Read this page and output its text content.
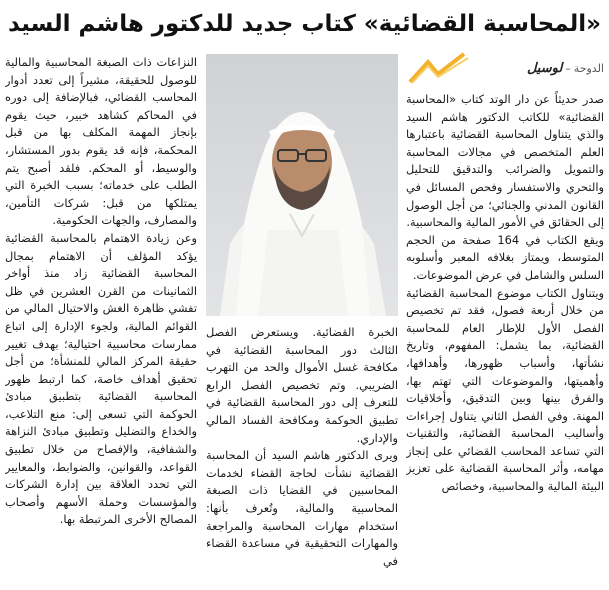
«المحاسبة القضائية» كتاب جديد للدكتور هاشم السيد
الدوحة
–
لوسيل

صدر حديثاً عن دار الوتد كتاب «المحاسبة القضائية» للكاتب الدكتور هاشم السيد والذي يتناول المحاسبة القضائية باعتبارها العلم المتخصص في مجالات المحاسبة والتمويل والضرائب والتدقيق للتحليل والتحري والاستفسار وفحص المسائل في القانون المدني والجنائي؛ من أجل الوصول إلى الحقائق في الأمور المالية والمحاسبية.

ويقع الكتاب في 164 صفحة من الحجم المتوسط، ويمتاز بغلافه المعبر وأسلوبه السلس والشامل في عرض الموضوعات.

ويتناول الكتاب موضوع المحاسبة القضائية من خلال أربعة فصول، فقد تم تخصيص الفصل الأول للإطار العام للمحاسبة القضائية، بما يشمل: المفهوم، وتاريخ نشأتها، وأسباب ظهورها، وأهدافها، وأهميتها، والموضوعات التي تهتم بها، والفرق بينها وبين التدقيق، وأخلاقيات المهنة. وفي الفصل الثاني يتناول إجراءات وأساليب المحاسبة القضائية، والتقنيات التي تساعد المحاسب القضائي على إنجاز مهامه، وأثر المحاسبة القضائية على تعزيز البيئة المالية والمحاسبية، وخصائص

الخبرة القضائية. ويستعرض الفصل الثالث دور المحاسبة القضائية في مكافحة غسل الأموال والحد من التهرب الضريبي. وتم تخصيص الفصل الرابع للتعرف إلى دور المحاسبة القضائية في تطبيق الحوكمة ومكافحة الفساد المالي والإداري.

ويرى الدكتور هاشم السيد أن المحاسبة القضائية نشأت لحاجة القضاء لخدمات المحاسبين في القضايا ذات الصبغة المحاسبية والمالية، وتُعرف بأنها: استخدام مهارات المحاسبة والمراجعة والمهارات التحقيقية في مساعدة القضاء في

النزاعات ذات الصبغة المحاسبية والمالية للوصول للحقيقة، مشيراً إلى تعدد أدوار المحاسب القضائي، فبالإضافة إلى دوره في المحاكم كشاهد خبير، حيث يقوم بإنجاز المهمة المكلف بها من قبل المحكمة، فإنه قد يقوم بدور المستشار، والوسيط، أو المحكم. فلقد أصبح يتم الطلب على خدماته؛ بسبب الخبرة التي يمتلكها من قبل: شركات التأمين، والمصارف، والجهات الحكومية.

وعن زيادة الاهتمام بالمحاسبة القضائية يؤكد المؤلف أن الاهتمام بمجال المحاسبة القضائية زاد منذ أواخر الثمانينات من القرن العشرين في ظل تفشي ظاهرة الغش والاحتيال المالي من القوائم المالية، ولجوء الإدارة إلى اتباع ممارسات محاسبية احتيالية؛ بهدف تغيير حقيقة المركز المالي للمنشأة؛ من أجل تحقيق أهداف خاصة، كما ارتبط ظهور المحاسبة القضائية بتطبيق مبادئ الحوكمة التي تسعى إلى: منع التلاعب، والخداع والتضليل وتطبيق مبادئ النزاهة والشفافية، والإفصاح من خلال تطبيق القواعد، والقوانين، والضوابط، والمعايير التي تحدد العلاقة بين إدارة الشركات والمؤسسات وحملة الأسهم وأصحاب المصالح الأخرى المرتبطة بها.
